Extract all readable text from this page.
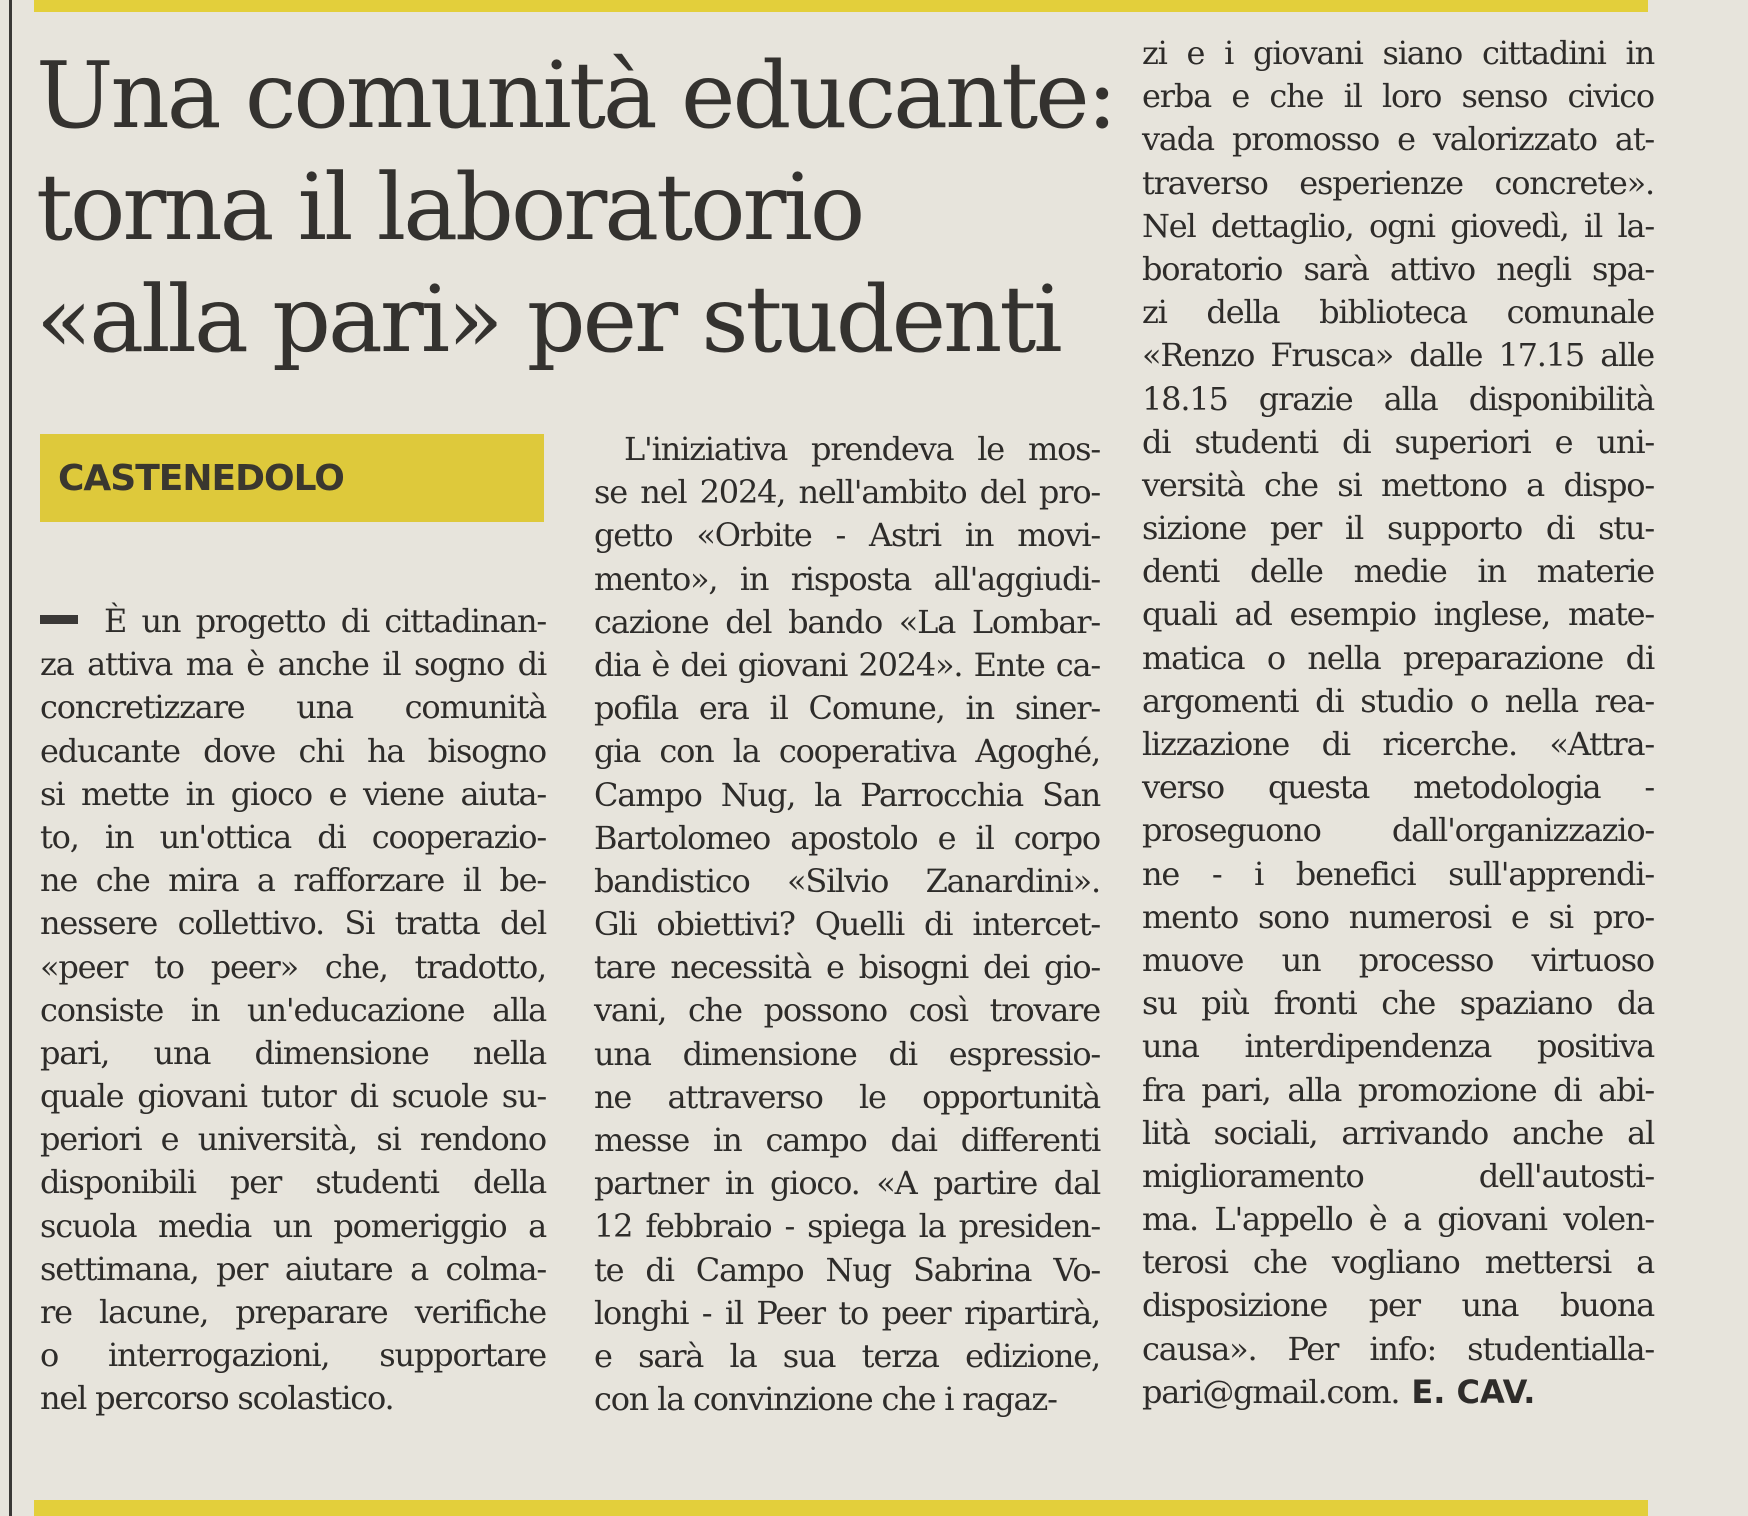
Una comunità educante:
torna il laboratorio
«alla pari» per studenti
CASTENEDOLO
È un progetto di cittadinan-
za attiva ma è anche il sogno di
concretizzare una comunità
educante dove chi ha bisogno
si mette in gioco e viene aiuta-
to, in un'ottica di cooperazio-
ne che mira a rafforzare il be-
nessere collettivo. Si tratta del
«peer to peer» che, tradotto,
consiste in un'educazione alla
pari, una dimensione nella
quale giovani tutor di scuole su-
periori e università, si rendono
disponibili per studenti della
scuola media un pomeriggio a
settimana, per aiutare a colma-
re lacune, preparare verifiche
o interrogazioni, supportare
nel percorso scolastico.
L'iniziativa prendeva le mos-
se nel 2024, nell'ambito del pro-
getto «Orbite - Astri in movi-
mento», in risposta all'aggiudi-
cazione del bando «La Lombar-
dia è dei giovani 2024». Ente ca-
pofila era il Comune, in siner-
gia con la cooperativa Agoghé,
Campo Nug, la Parrocchia San
Bartolomeo apostolo e il corpo
bandistico «Silvio Zanardini».
Gli obiettivi? Quelli di intercet-
tare necessità e bisogni dei gio-
vani, che possono così trovare
una dimensione di espressio-
ne attraverso le opportunità
messe in campo dai differenti
partner in gioco. «A partire dal
12 febbraio - spiega la presiden-
te di Campo Nug Sabrina Vo-
longhi - il Peer to peer ripartirà,
e sarà la sua terza edizione,
con la convinzione che i ragaz-
zi e i giovani siano cittadini in
erba e che il loro senso civico
vada promosso e valorizzato at-
traverso esperienze concrete».
Nel dettaglio, ogni giovedì, il la-
boratorio sarà attivo negli spa-
zi della biblioteca comunale
«Renzo Frusca» dalle 17.15 alle
18.15 grazie alla disponibilità
di studenti di superiori e uni-
versità che si mettono a dispo-
sizione per il supporto di stu-
denti delle medie in materie
quali ad esempio inglese, mate-
matica o nella preparazione di
argomenti di studio o nella rea-
lizzazione di ricerche. «Attra-
verso questa metodologia -
proseguono dall'organizzazio-
ne - i benefici sull'apprendi-
mento sono numerosi e si pro-
muove un processo virtuoso
su più fronti che spaziano da
una interdipendenza positiva
fra pari, alla promozione di abi-
lità sociali, arrivando anche al
miglioramento dell'autosti-
ma. L'appello è a giovani volen-
terosi che vogliano mettersi a
disposizione per una buona
causa». Per info: studentialla-
pari@gmail.com. E. CAV.
